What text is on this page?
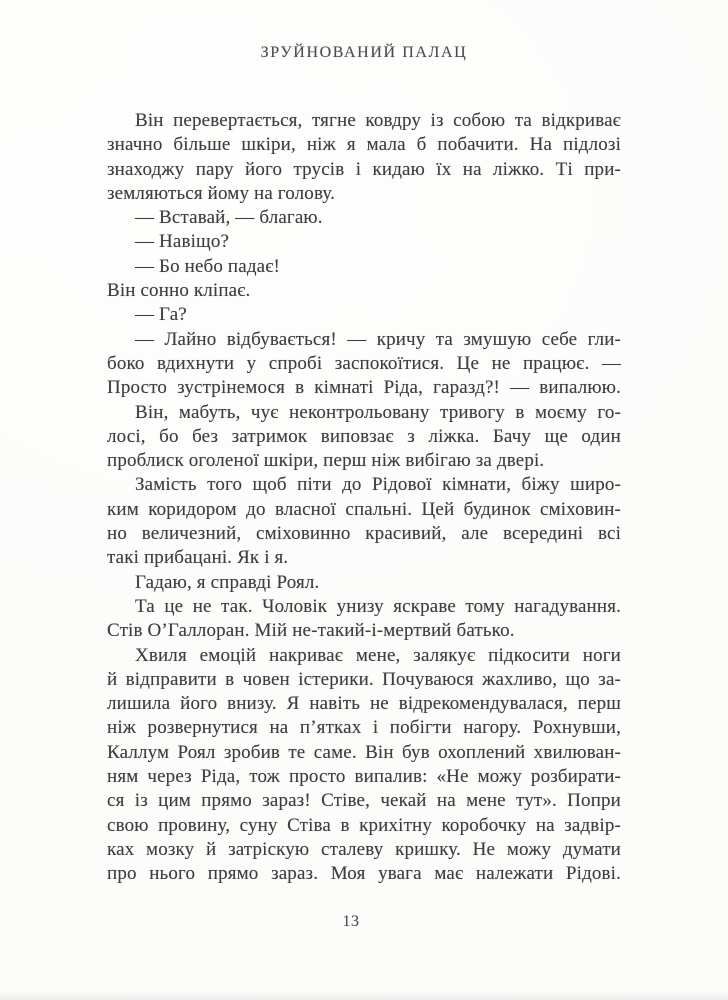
ЗРУЙНОВАНИЙ ПАЛАЦ
Він перевертається, тягне ковдру із собою та відкриває
значно більше шкіри, ніж я мала б побачити. На підлозі
знаходжу пару його трусів і кидаю їх на ліжко. Ті при-
земляються йому на голову.
— Вставай, — благаю.
— Навіщо?
— Бо небо падає!
Він сонно кліпає.
— Га?
— Лайно відбувається! — кричу та змушую себе гли-
боко вдихнути у спробі заспокоїтися. Це не працює. —
Просто зустрінемося в кімнаті Ріда, гаразд?! — випалюю.
Він, мабуть, чує неконтрольовану тривогу в моєму го-
лосі, бо без затримок виповзає з ліжка. Бачу ще один
проблиск оголеної шкіри, перш ніж вибігаю за двері.
Замість того щоб піти до Рідової кімнати, біжу широ-
ким коридором до власної спальні. Цей будинок сміховин-
но величезний, сміховинно красивий, але всередині всі
такі прибацані. Як і я.
Гадаю, я справді Роял.
Та це не так. Чоловік унизу яскраве тому нагадування.
Стів О’Галлоран. Мій не-такий-і-мертвий батько.
Хвиля емоцій накриває мене, залякує підкосити ноги
й відправити в човен істерики. Почуваюся жахливо, що за-
лишила його внизу. Я навіть не відрекомендувалася, перш
ніж розвернутися на п’ятках і побігти нагору. Рохнувши,
Каллум Роял зробив те саме. Він був охоплений хвилюван-
ням через Ріда, тож просто випалив: «Не можу розбирати-
ся із цим прямо зараз! Стіве, чекай на мене тут». Попри
свою провину, суну Стіва в крихітну коробочку на задвір-
ках мозку й затріскую сталеву кришку. Не можу думати
про нього прямо зараз. Моя увага має належати Рідові.
13
